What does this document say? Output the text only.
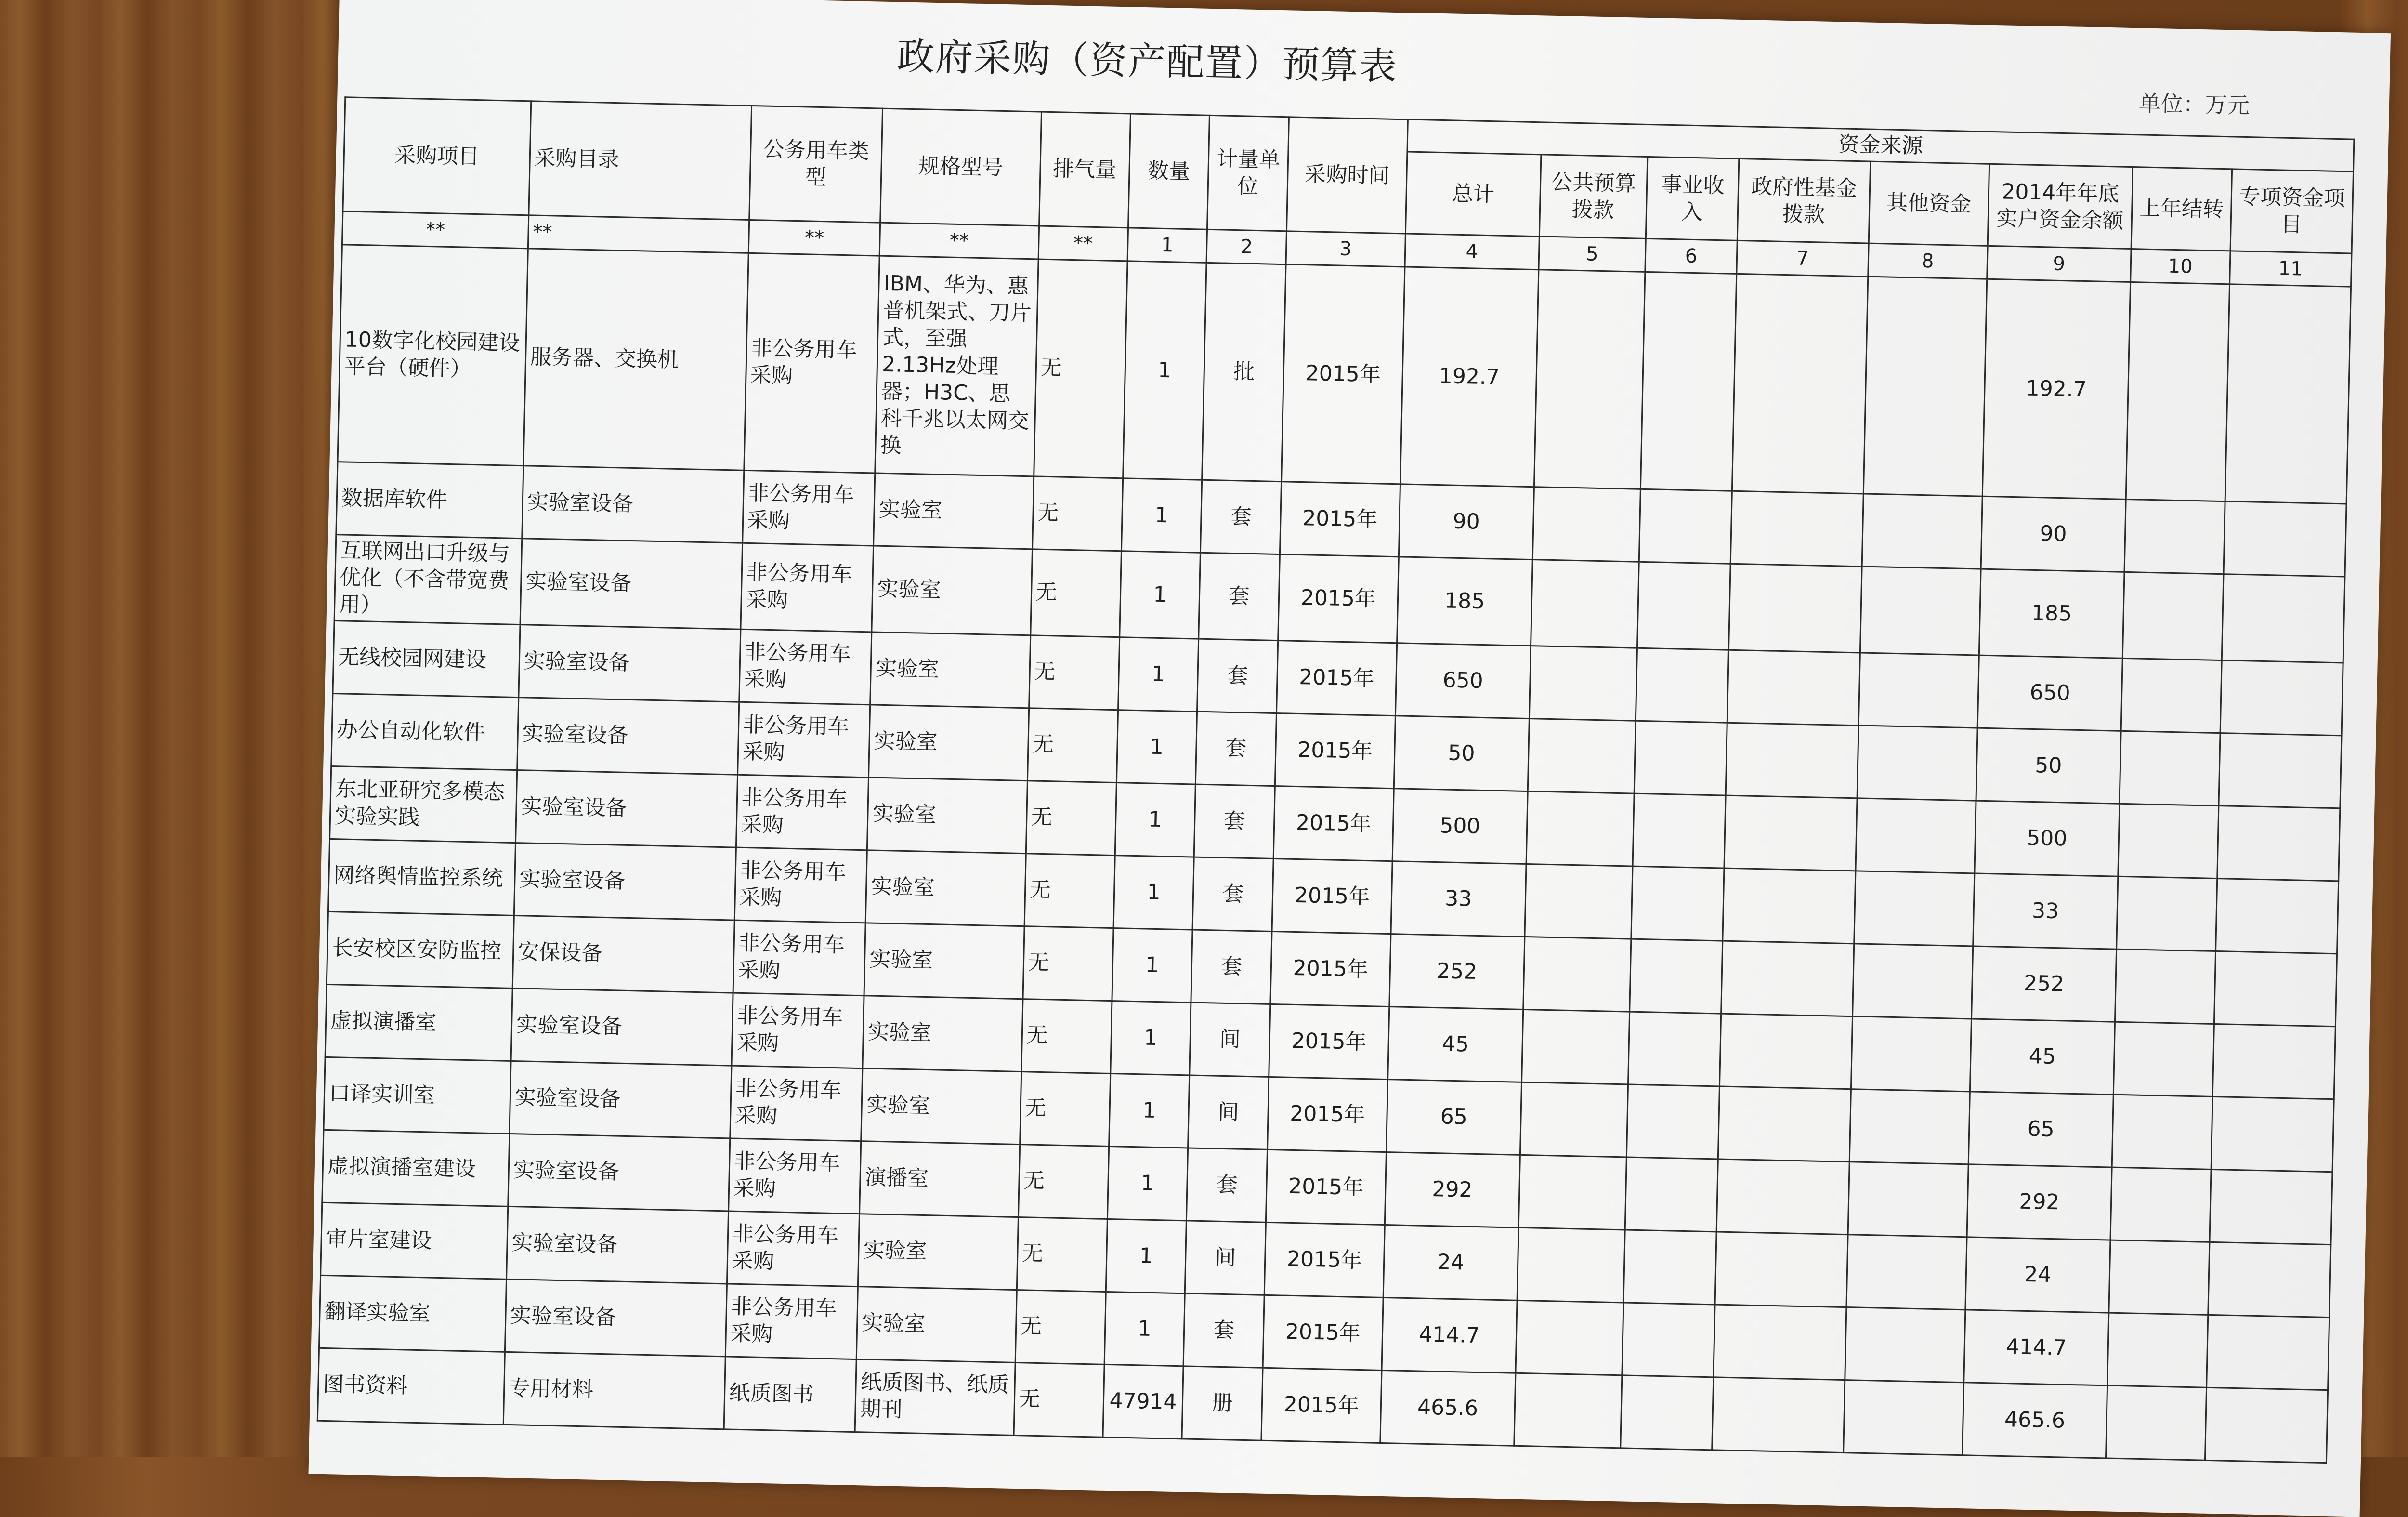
政府采购（资产配置）预算表
单位：万元
采购项目	采购目录	公务用车类型	规格型号	排气量	数量	计量单位	采购时间	资金来源							
								总计	公共预算拨款	事业收入	政府性基金拨款	其他资金	2014年年底实户资金余额	上年结转	专项资金项目
**	**	**	**	**	1	2	3	4	5	6	7	8	9	10	11
10数字化校园建设平台（硬件）	服务器、交换机	非公务用车采购	IBM、华为、惠普机架式、刀片式，至强2.13Hz处理器；H3C、思科千兆以太网交换	无	1	批	2015年	192.7					192.7		
数据库软件	实验室设备	非公务用车采购	实验室	无	1	套	2015年	90					90		
互联网出口升级与优化（不含带宽费用）	实验室设备	非公务用车采购	实验室	无	1	套	2015年	185					185		
无线校园网建设	实验室设备	非公务用车采购	实验室	无	1	套	2015年	650					650		
办公自动化软件	实验室设备	非公务用车采购	实验室	无	1	套	2015年	50					50		
东北亚研究多模态实验实践	实验室设备	非公务用车采购	实验室	无	1	套	2015年	500					500		
网络舆情监控系统	实验室设备	非公务用车采购	实验室	无	1	套	2015年	33					33		
长安校区安防监控	安保设备	非公务用车采购	实验室	无	1	套	2015年	252					252		
虚拟演播室	实验室设备	非公务用车采购	实验室	无	1	间	2015年	45					45		
口译实训室	实验室设备	非公务用车采购	实验室	无	1	间	2015年	65					65		
虚拟演播室建设	实验室设备	非公务用车采购	演播室	无	1	套	2015年	292					292		
审片室建设	实验室设备	非公务用车采购	实验室	无	1	间	2015年	24					24		
翻译实验室	实验室设备	非公务用车采购	实验室	无	1	套	2015年	414.7					414.7		
图书资料	专用材料	纸质图书	纸质图书、纸质期刊	无	47914	册	2015年	465.6					465.6		
